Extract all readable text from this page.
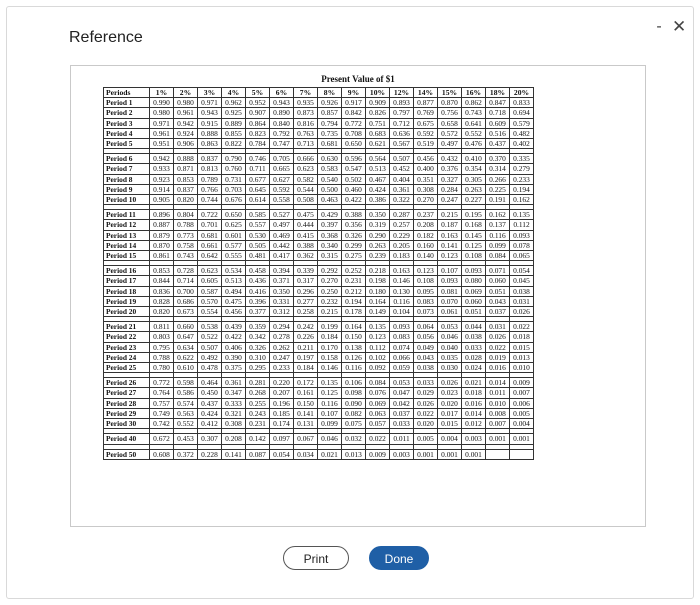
Reference
- ✕
Present Value of $1
Periods	1%	2%	3%	4%	5%	6%	7%	8%	9%	10%	12%	14%	15%	16%	18%	20%
Period 1	0.990	0.980	0.971	0.962	0.952	0.943	0.935	0.926	0.917	0.909	0.893	0.877	0.870	0.862	0.847	0.833
Period 2	0.980	0.961	0.943	0.925	0.907	0.890	0.873	0.857	0.842	0.826	0.797	0.769	0.756	0.743	0.718	0.694
Period 3	0.971	0.942	0.915	0.889	0.864	0.840	0.816	0.794	0.772	0.751	0.712	0.675	0.658	0.641	0.609	0.579
Period 4	0.961	0.924	0.888	0.855	0.823	0.792	0.763	0.735	0.708	0.683	0.636	0.592	0.572	0.552	0.516	0.482
Period 5	0.951	0.906	0.863	0.822	0.784	0.747	0.713	0.681	0.650	0.621	0.567	0.519	0.497	0.476	0.437	0.402

Period 6	0.942	0.888	0.837	0.790	0.746	0.705	0.666	0.630	0.596	0.564	0.507	0.456	0.432	0.410	0.370	0.335
Period 7	0.933	0.871	0.813	0.760	0.711	0.665	0.623	0.583	0.547	0.513	0.452	0.400	0.376	0.354	0.314	0.279
Period 8	0.923	0.853	0.789	0.731	0.677	0.627	0.582	0.540	0.502	0.467	0.404	0.351	0.327	0.305	0.266	0.233
Period 9	0.914	0.837	0.766	0.703	0.645	0.592	0.544	0.500	0.460	0.424	0.361	0.308	0.284	0.263	0.225	0.194
Period 10	0.905	0.820	0.744	0.676	0.614	0.558	0.508	0.463	0.422	0.386	0.322	0.270	0.247	0.227	0.191	0.162

Period 11	0.896	0.804	0.722	0.650	0.585	0.527	0.475	0.429	0.388	0.350	0.287	0.237	0.215	0.195	0.162	0.135
Period 12	0.887	0.788	0.701	0.625	0.557	0.497	0.444	0.397	0.356	0.319	0.257	0.208	0.187	0.168	0.137	0.112
Period 13	0.879	0.773	0.681	0.601	0.530	0.469	0.415	0.368	0.326	0.290	0.229	0.182	0.163	0.145	0.116	0.093
Period 14	0.870	0.758	0.661	0.577	0.505	0.442	0.388	0.340	0.299	0.263	0.205	0.160	0.141	0.125	0.099	0.078
Period 15	0.861	0.743	0.642	0.555	0.481	0.417	0.362	0.315	0.275	0.239	0.183	0.140	0.123	0.108	0.084	0.065

Period 16	0.853	0.728	0.623	0.534	0.458	0.394	0.339	0.292	0.252	0.218	0.163	0.123	0.107	0.093	0.071	0.054
Period 17	0.844	0.714	0.605	0.513	0.436	0.371	0.317	0.270	0.231	0.198	0.146	0.108	0.093	0.080	0.060	0.045
Period 18	0.836	0.700	0.587	0.494	0.416	0.350	0.296	0.250	0.212	0.180	0.130	0.095	0.081	0.069	0.051	0.038
Period 19	0.828	0.686	0.570	0.475	0.396	0.331	0.277	0.232	0.194	0.164	0.116	0.083	0.070	0.060	0.043	0.031
Period 20	0.820	0.673	0.554	0.456	0.377	0.312	0.258	0.215	0.178	0.149	0.104	0.073	0.061	0.051	0.037	0.026

Period 21	0.811	0.660	0.538	0.439	0.359	0.294	0.242	0.199	0.164	0.135	0.093	0.064	0.053	0.044	0.031	0.022
Period 22	0.803	0.647	0.522	0.422	0.342	0.278	0.226	0.184	0.150	0.123	0.083	0.056	0.046	0.038	0.026	0.018
Period 23	0.795	0.634	0.507	0.406	0.326	0.262	0.211	0.170	0.138	0.112	0.074	0.049	0.040	0.033	0.022	0.015
Period 24	0.788	0.622	0.492	0.390	0.310	0.247	0.197	0.158	0.126	0.102	0.066	0.043	0.035	0.028	0.019	0.013
Period 25	0.780	0.610	0.478	0.375	0.295	0.233	0.184	0.146	0.116	0.092	0.059	0.038	0.030	0.024	0.016	0.010

Period 26	0.772	0.598	0.464	0.361	0.281	0.220	0.172	0.135	0.106	0.084	0.053	0.033	0.026	0.021	0.014	0.009
Period 27	0.764	0.586	0.450	0.347	0.268	0.207	0.161	0.125	0.098	0.076	0.047	0.029	0.023	0.018	0.011	0.007
Period 28	0.757	0.574	0.437	0.333	0.255	0.196	0.150	0.116	0.090	0.069	0.042	0.026	0.020	0.016	0.010	0.006
Period 29	0.749	0.563	0.424	0.321	0.243	0.185	0.141	0.107	0.082	0.063	0.037	0.022	0.017	0.014	0.008	0.005
Period 30	0.742	0.552	0.412	0.308	0.231	0.174	0.131	0.099	0.075	0.057	0.033	0.020	0.015	0.012	0.007	0.004

Period 40	0.672	0.453	0.307	0.208	0.142	0.097	0.067	0.046	0.032	0.022	0.011	0.005	0.004	0.003	0.001	0.001

Period 50	0.608	0.372	0.228	0.141	0.087	0.054	0.034	0.021	0.013	0.009	0.003	0.001	0.001	0.001		
Print	Done
